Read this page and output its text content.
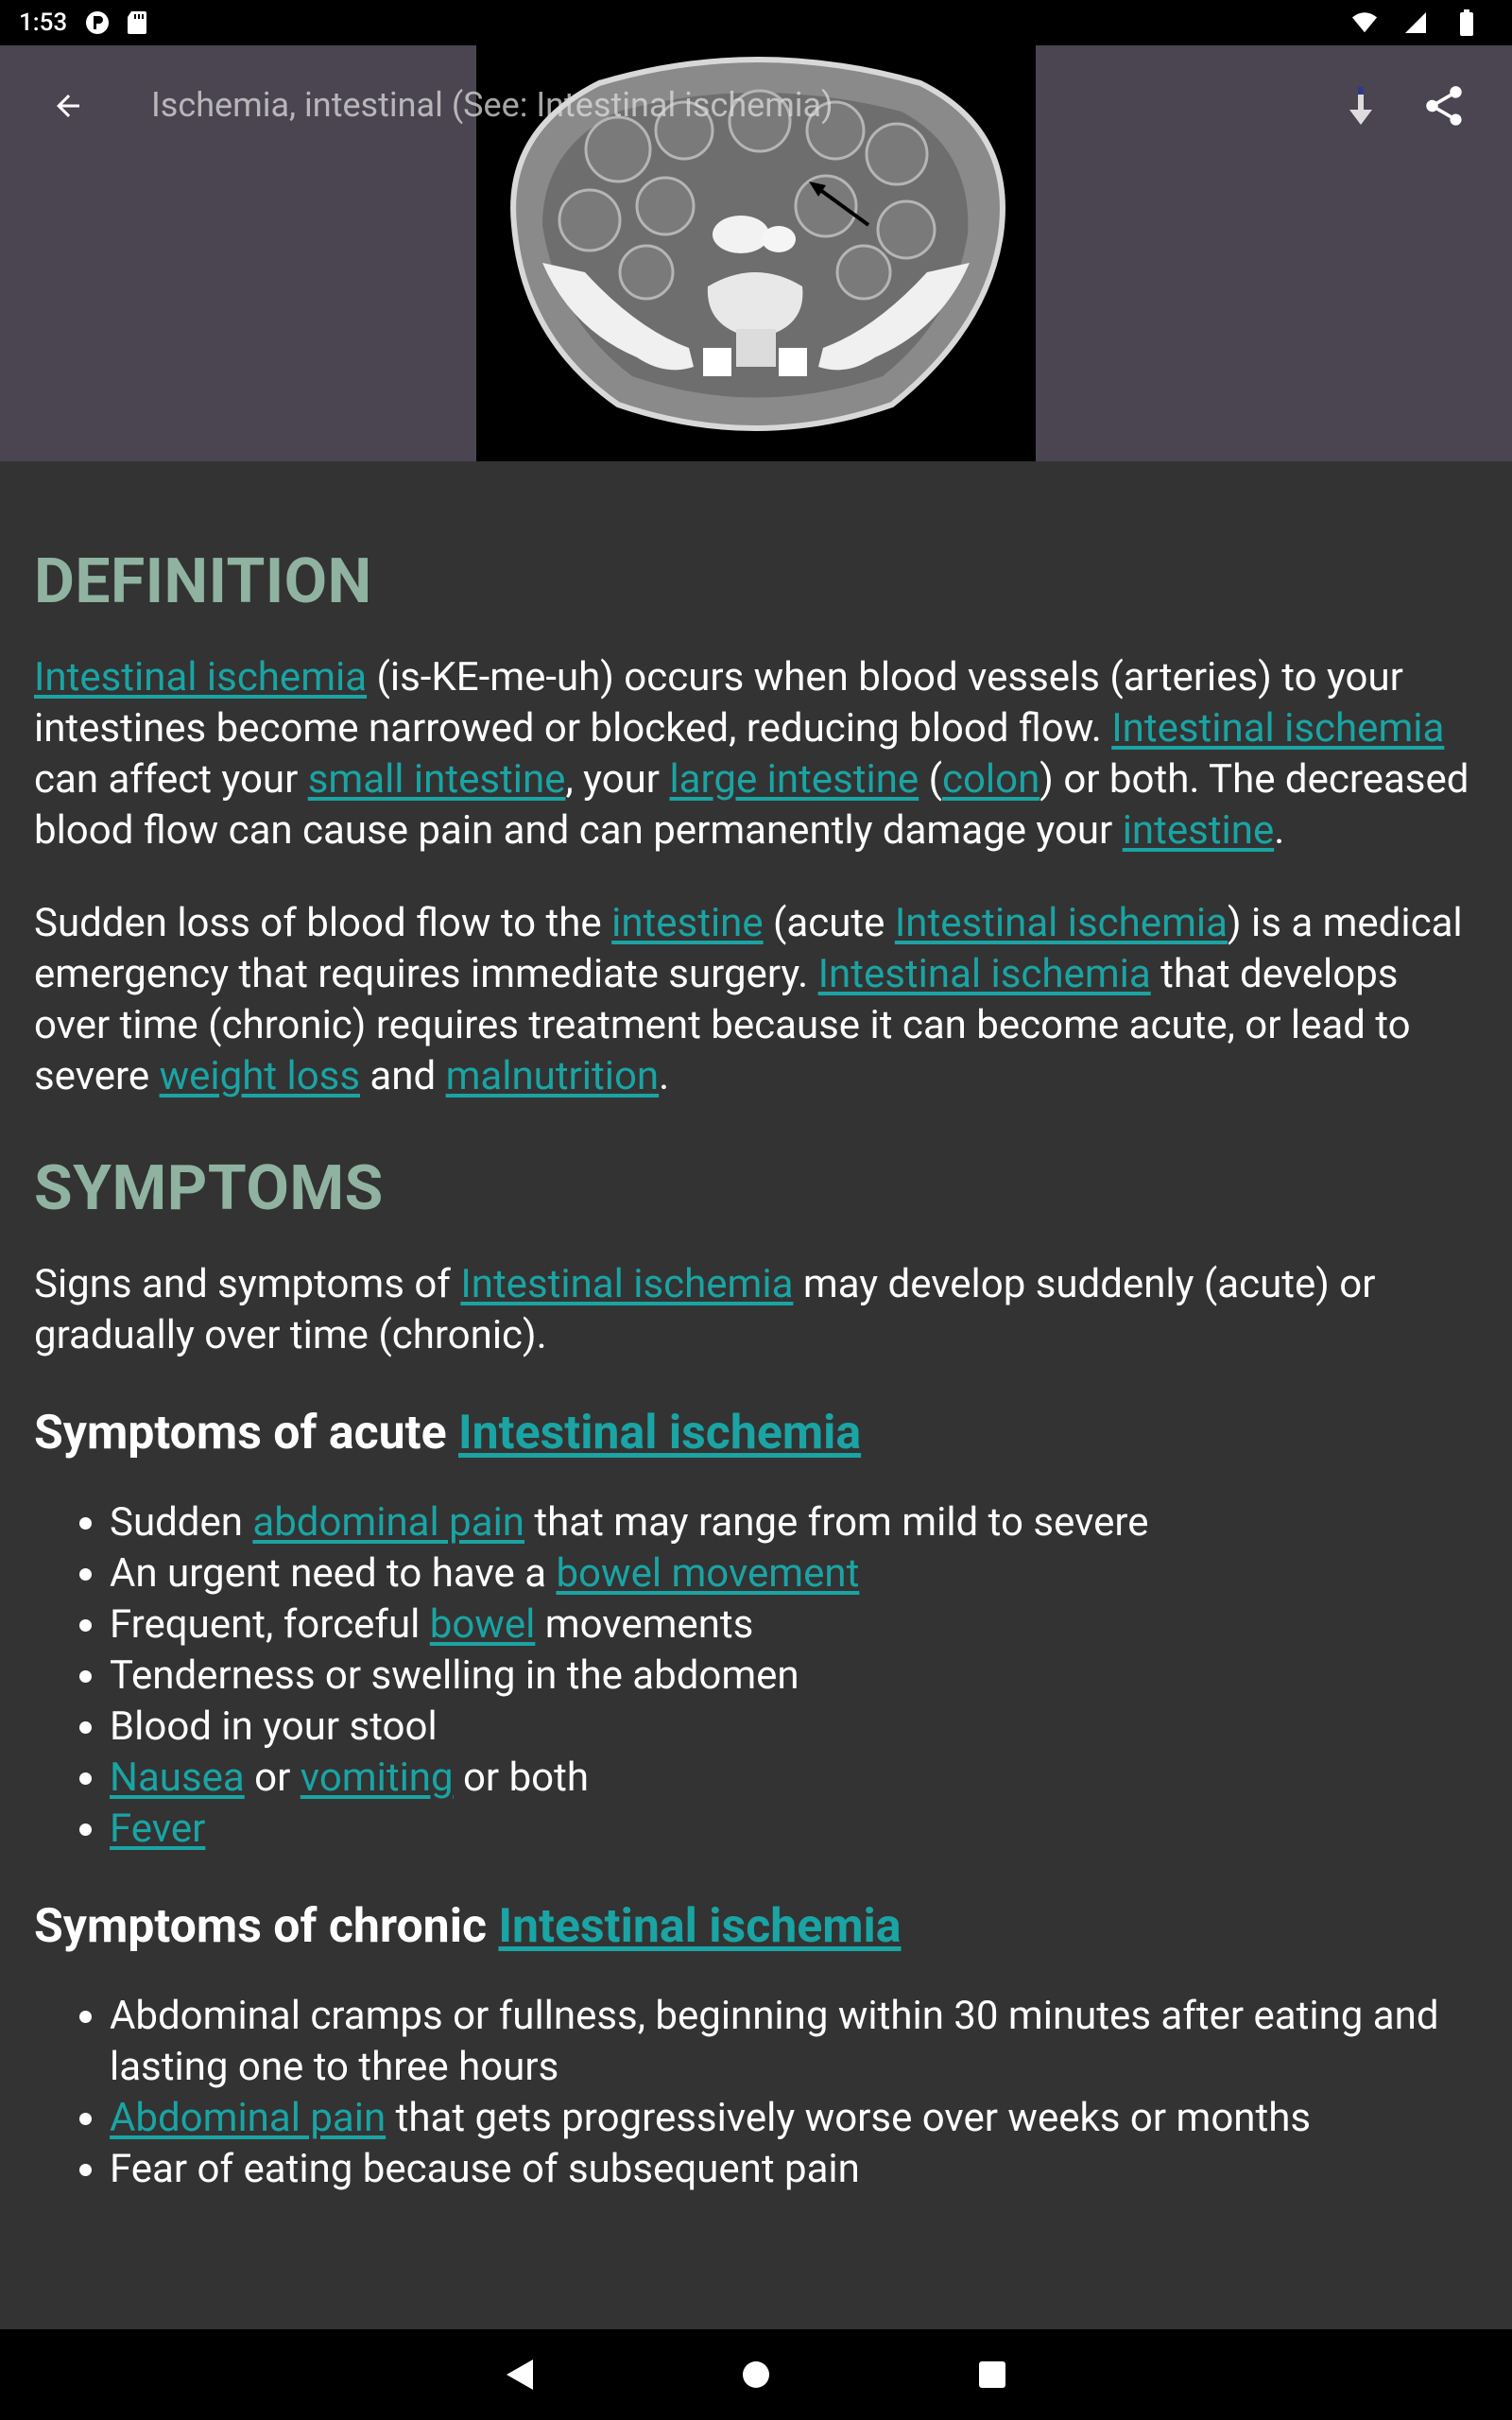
1:53
Ischemia, intestinal (See: Intestinal ischemia)
DEFINITION

Intestinal ischemia (is-KE-me-uh) occurs when blood vessels (arteries) to your intestines become narrowed or blocked, reducing blood flow. Intestinal ischemia can affect your small intestine, your large intestine (colon) or both. The decreased blood flow can cause pain and can permanently damage your intestine.

Sudden loss of blood flow to the intestine (acute Intestinal ischemia) is a medical emergency that requires immediate surgery. Intestinal ischemia that develops over time (chronic) requires treatment because it can become acute, or lead to severe weight loss and malnutrition.

SYMPTOMS

Signs and symptoms of Intestinal ischemia may develop suddenly (acute) or gradually over time (chronic).

Symptoms of acute Intestinal ischemia
• Sudden abdominal pain that may range from mild to severe
• An urgent need to have a bowel movement
• Frequent, forceful bowel movements
• Tenderness or swelling in the abdomen
• Blood in your stool
• Nausea or vomiting or both
• Fever
Symptoms of chronic Intestinal ischemia
• Abdominal cramps or fullness, beginning within 30 minutes after eating and lasting one to three hours
• Abdominal pain that gets progressively worse over weeks or months
• Fear of eating because of subsequent pain
